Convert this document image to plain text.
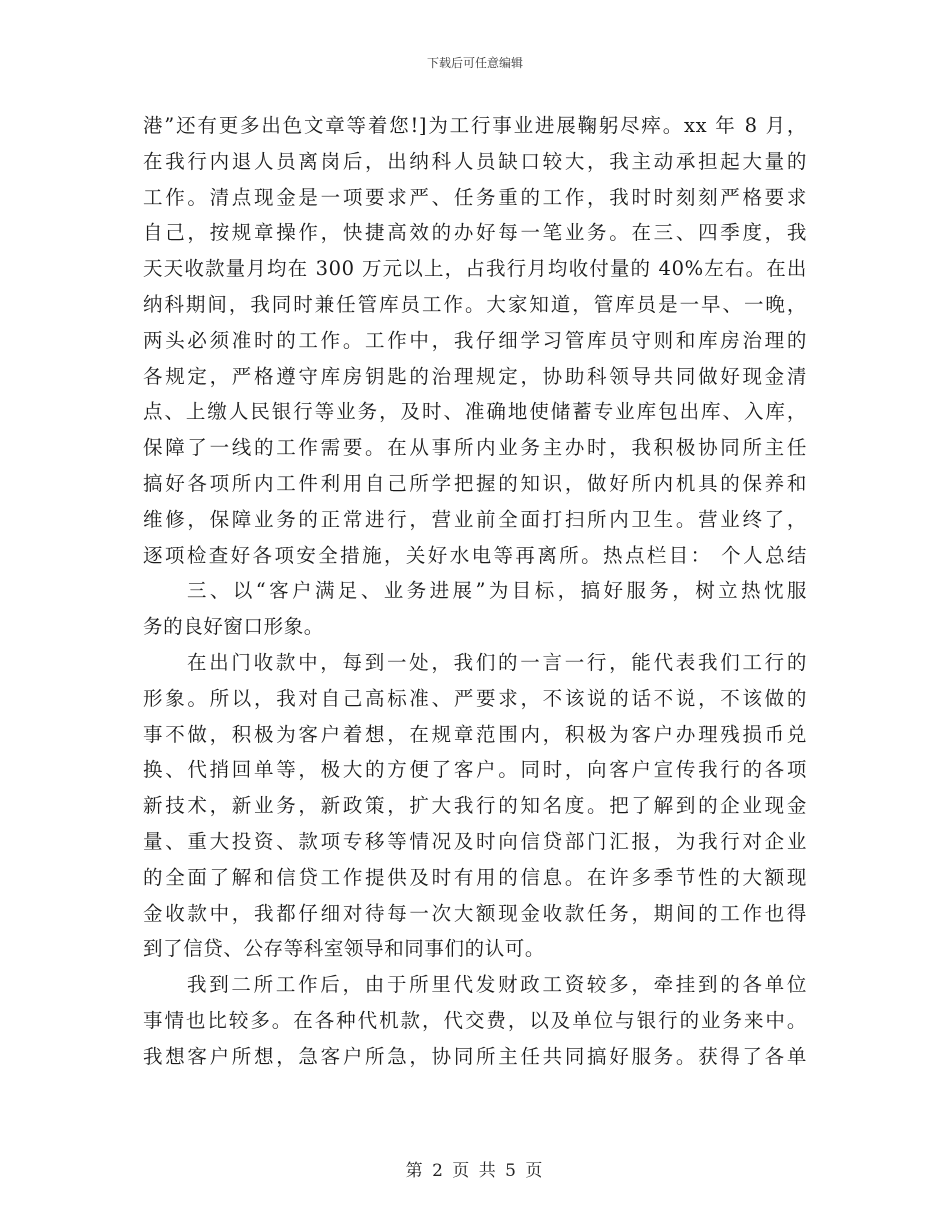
下载后可任意编辑
港”还有更多出色文章等着您!]为工行事业进展鞠躬尽瘁。xx 年 8 月，
在我行内退人员离岗后，出纳科人员缺口较大，我主动承担起大量的
工作。清点现金是一项要求严、任务重的工作，我时时刻刻严格要求
自己，按规章操作，快捷高效的办好每一笔业务。在三、四季度，我
天天收款量月均在 300 万元以上，占我行月均收付量的 40%左右。在出
纳科期间，我同时兼任管库员工作。大家知道，管库员是一早、一晚，
两头必须准时的工作。工作中，我仔细学习管库员守则和库房治理的
各规定，严格遵守库房钥匙的治理规定，协助科领导共同做好现金清
点、上缴人民银行等业务，及时、准确地使储蓄专业库包出库、入库，
保障了一线的工作需要。在从事所内业务主办时，我积极协同所主任
搞好各项所内工件利用自己所学把握的知识，做好所内机具的保养和
维修，保障业务的正常进行，营业前全面打扫所内卫生。营业终了，
逐项检查好各项安全措施，关好水电等再离所。热点栏目： 个人总结
三、以“客户满足、业务进展”为目标，搞好服务，树立热忱服
务的良好窗口形象。
在出门收款中，每到一处，我们的一言一行，能代表我们工行的
形象。所以，我对自己高标准、严要求，不该说的话不说，不该做的
事不做，积极为客户着想，在规章范围内，积极为客户办理残损币兑
换、代捎回单等，极大的方便了客户。同时，向客户宣传我行的各项
新技术，新业务，新政策，扩大我行的知名度。把了解到的企业现金
量、重大投资、款项专移等情况及时向信贷部门汇报，为我行对企业
的全面了解和信贷工作提供及时有用的信息。在许多季节性的大额现
金收款中，我都仔细对待每一次大额现金收款任务，期间的工作也得
到了信贷、公存等科室领导和同事们的认可。
我到二所工作后，由于所里代发财政工资较多，牵挂到的各单位
事情也比较多。在各种代机款，代交费，以及单位与银行的业务来中。
我想客户所想，急客户所急，协同所主任共同搞好服务。获得了各单
第 2 页 共 5 页
